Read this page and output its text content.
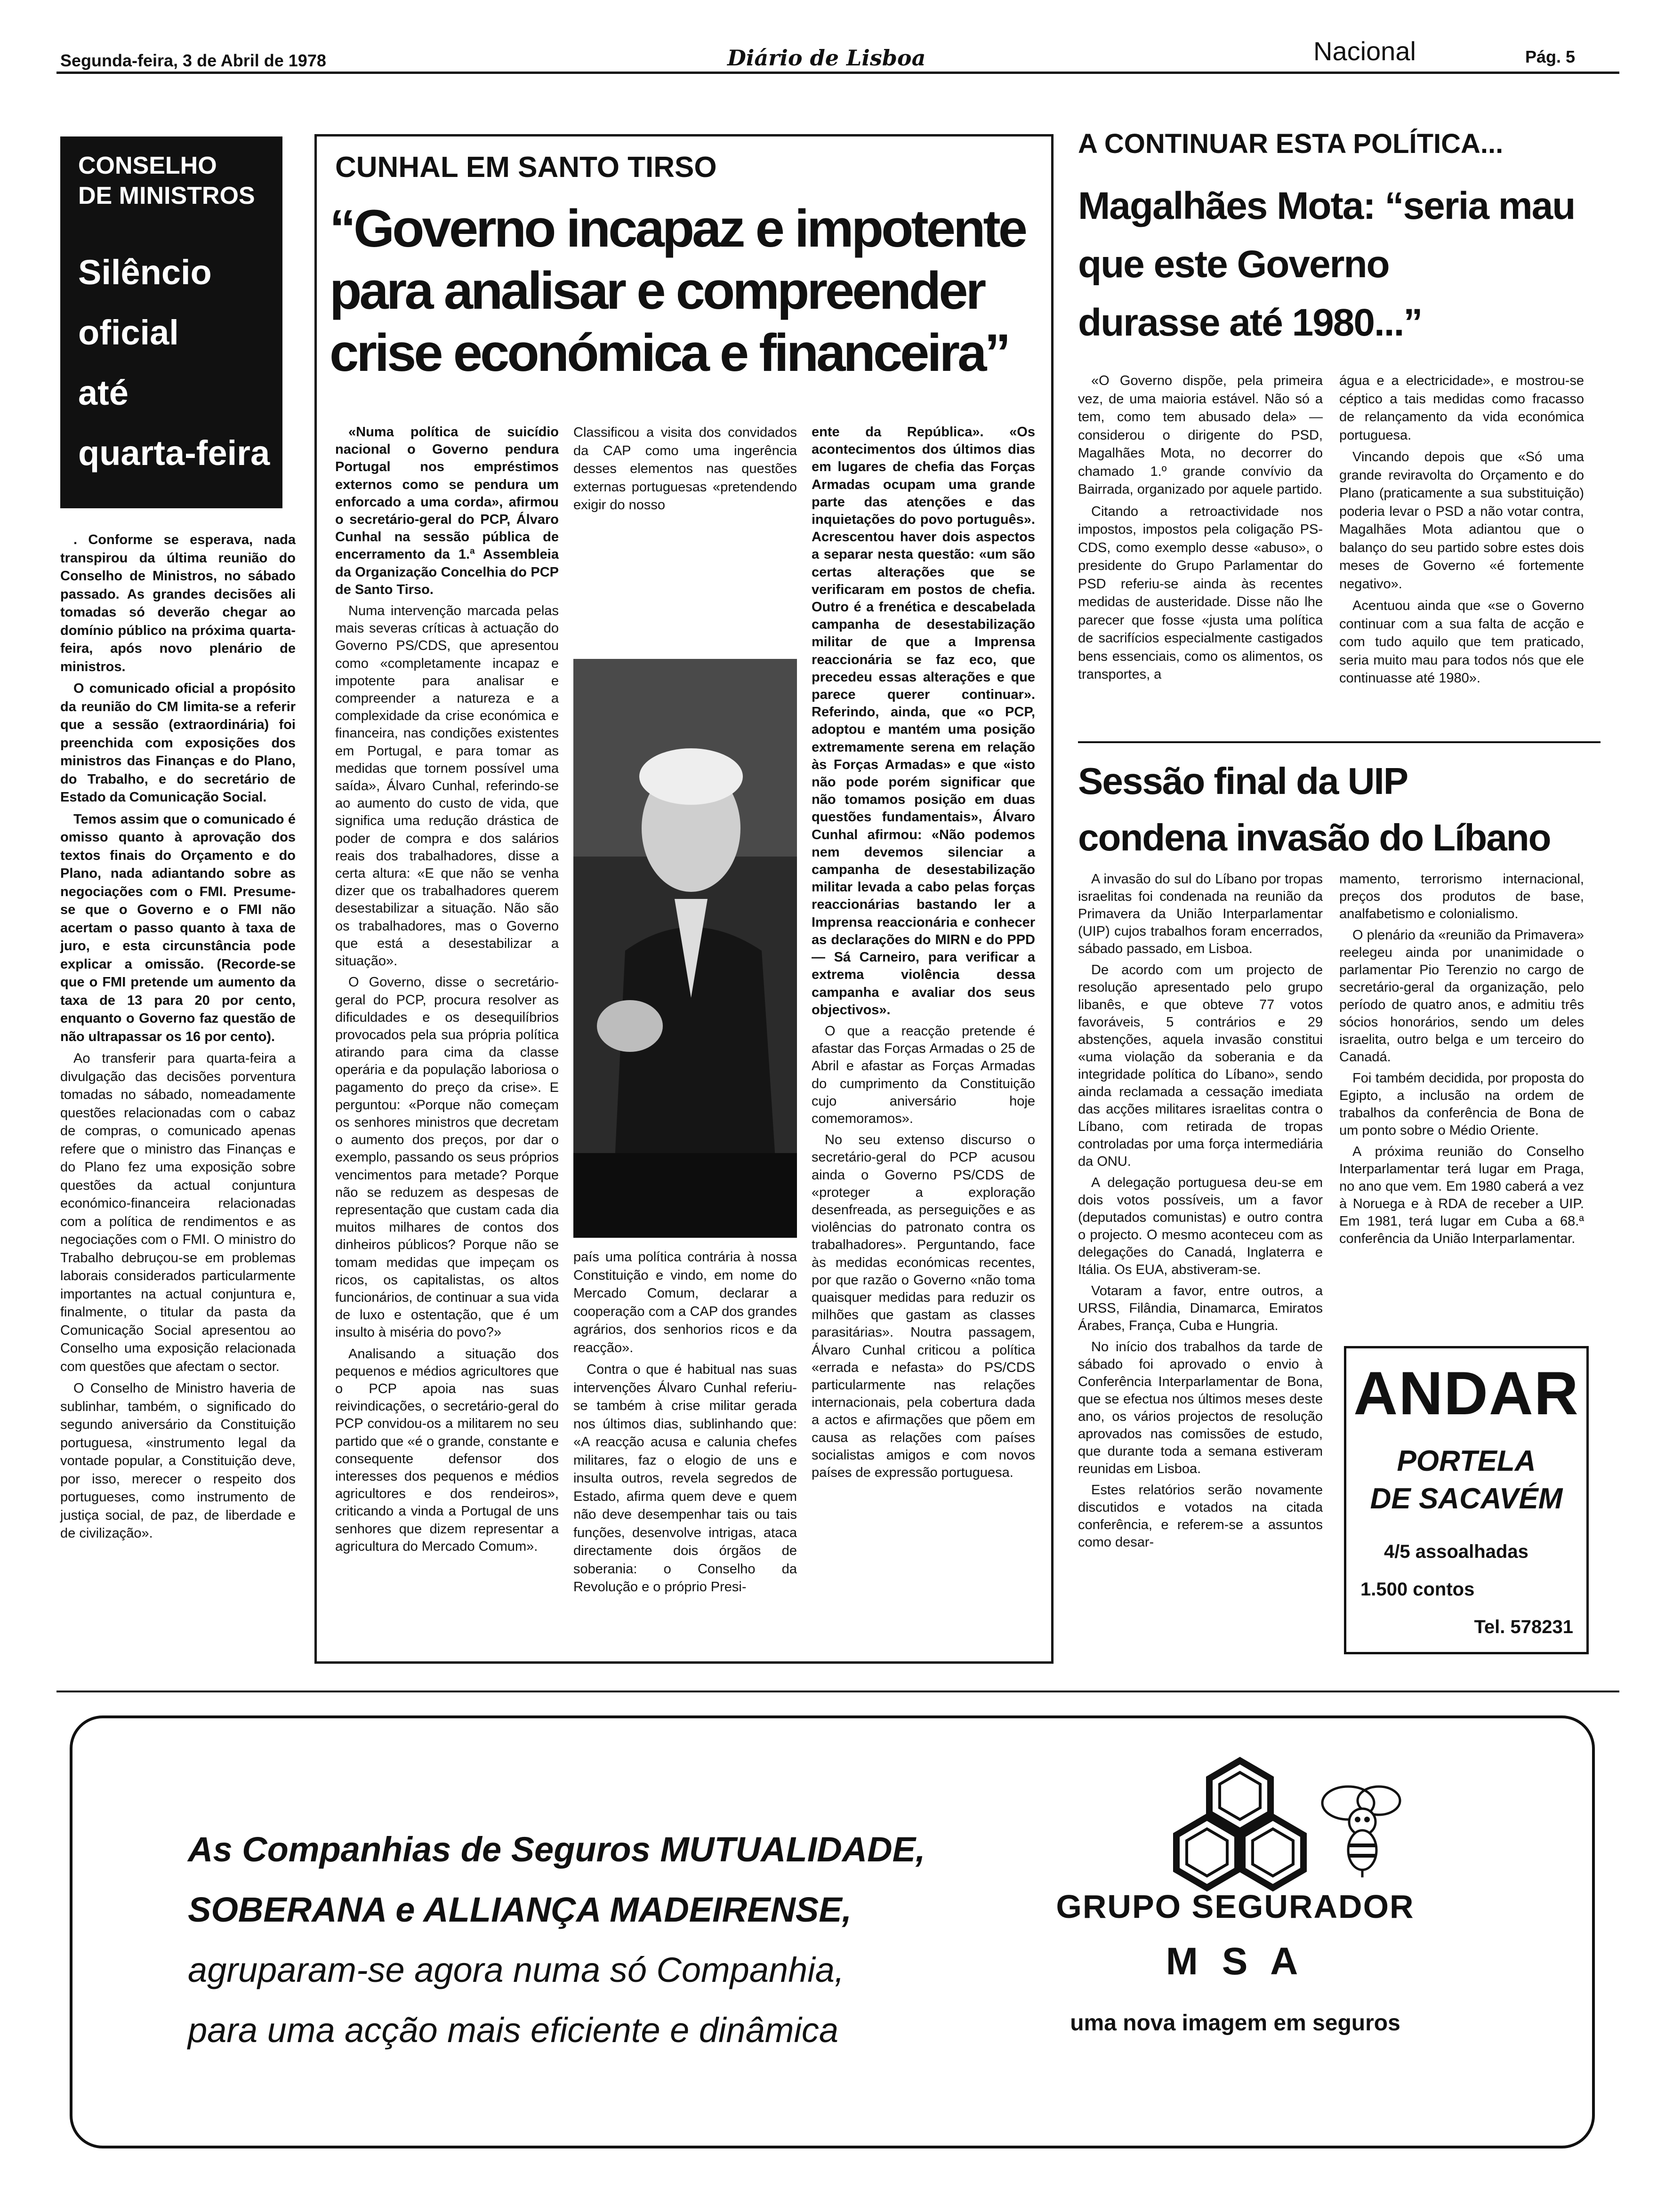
Segunda-feira, 3 de Abril de 1978	Diário de Lisboa	Nacional	Pág. 5
CONSELHO
DE MINISTROS
Silêncio
oficial
até
quarta-feira

. Conforme se esperava, nada transpirou da última reunião do Conselho de Ministros, no sábado passado. As grandes decisões ali tomadas só deverão chegar ao domínio público na próxima quarta-feira, após novo plenário de ministros.

O comunicado oficial a propósito da reunião do CM limita-se a referir que a sessão (extraordinária) foi preenchida com exposições dos ministros das Finanças e do Plano, do Trabalho, e do secretário de Estado da Comunicação Social.

Temos assim que o comunicado é omisso quanto à aprovação dos textos finais do Orçamento e do Plano, nada adiantando sobre as negociações com o FMI. Presume-se que o Governo e o FMI não acertam o passo quanto à taxa de juro, e esta circunstância pode explicar a omissão. (Recorde-se que o FMI pretende um aumento da taxa de 13 para 20 por cento, enquanto o Governo faz questão de não ultrapassar os 16 por cento).

Ao transferir para quarta-feira a divulgação das decisões porventura tomadas no sábado, nomeadamente questões relacionadas com o cabaz de compras, o comunicado apenas refere que o ministro das Finanças e do Plano fez uma exposição sobre questões da actual conjuntura económico-financeira relacionadas com a política de rendimentos e as negociações com o FMI. O ministro do Trabalho debruçou-se em problemas laborais considerados particularmente importantes na actual conjuntura e, finalmente, o titular da pasta da Comunicação Social apresentou ao Conselho uma exposição relacionada com questões que afectam o sector.

O Conselho de Ministro haveria de sublinhar, também, o significado do segundo aniversário da Constituição portuguesa, «instrumento legal da vontade popular, a Constituição deve, por isso, merecer o respeito dos portugueses, como instrumento de justiça social, de paz, de liberdade e de civilização».

CUNHAL EM SANTO TIRSO
“Governo incapaz e impotente
para analisar e compreender
crise económica e financeira”

«Numa política de suicídio nacional o Governo pendura Portugal nos empréstimos externos como se pendura um enforcado a uma corda», afirmou o secretário-geral do PCP, Álvaro Cunhal na sessão pública de encerramento da 1.ª Assembleia da Organização Concelhia do PCP de Santo Tirso.

Numa intervenção marcada pelas mais severas críticas à actuação do Governo PS/CDS, que apresentou como «completamente incapaz e impotente para analisar e compreender a natureza e a complexidade da crise económica e financeira, nas condições existentes em Portugal, e para tomar as medidas que tornem possível uma saída», Álvaro Cunhal, referindo-se ao aumento do custo de vida, que significa uma redução drástica de poder de compra e dos salários reais dos trabalhadores, disse a certa altura: «E que não se venha dizer que os trabalhadores querem desestabilizar a situação. Não são os trabalhadores, mas o Governo que está a desestabilizar a situação».

O Governo, disse o secretário-geral do PCP, procura resolver as dificuldades e os desequilíbrios provocados pela sua própria política atirando para cima da classe operária e da população laboriosa o pagamento do preço da crise». E perguntou: «Porque não começam os senhores ministros que decretam o aumento dos preços, por dar o exemplo, passando os seus próprios vencimentos para metade? Porque não se reduzem as despesas de representação que custam cada dia muitos milhares de contos dos dinheiros públicos? Porque não se tomam medidas que impeçam os ricos, os capitalistas, os altos funcionários, de continuar a sua vida de luxo e ostentação, que é um insulto à miséria do povo?»

Analisando a situação dos pequenos e médios agricultores que o PCP apoia nas suas reivindicações, o secretário-geral do PCP convidou-os a militarem no seu partido que «é o grande, constante e consequente defensor dos interesses dos pequenos e médios agricultores e dos rendeiros», criticando a vinda a Portugal de uns senhores que dizem representar a agricultura do Mercado Comum».

Classificou a visita dos convidados da CAP como uma ingerência desses elementos nas questões externas portuguesas «pretendendo exigir do nosso

país uma política contrária à nossa Constituição e vindo, em nome do Mercado Comum, declarar a cooperação com a CAP dos grandes agrários, dos senhorios ricos e da reacção».

Contra o que é habitual nas suas intervenções Álvaro Cunhal referiu-se também à crise militar gerada nos últimos dias, sublinhando que: «A reacção acusa e calunia chefes militares, faz o elogio de uns e insulta outros, revela segredos de Estado, afirma quem deve e quem não deve desempenhar tais ou tais funções, desenvolve intrigas, ataca directamente dois órgãos de soberania: o Conselho da Revolução e o próprio Presi-

ente da República». «Os acontecimentos dos últimos dias em lugares de chefia das Forças Armadas ocupam uma grande parte das atenções e das inquietações do povo português». Acrescentou haver dois aspectos a separar nesta questão: «um são certas alterações que se verificaram em postos de chefia. Outro é a frenética e descabelada campanha de desestabilização militar de que a Imprensa reaccionária se faz eco, que precedeu essas alterações e que parece querer continuar». Referindo, ainda, que «o PCP, adoptou e mantém uma posição extremamente serena em relação às Forças Armadas» e que «isto não pode porém significar que não tomamos posição em duas questões fundamentais», Álvaro Cunhal afirmou: «Não podemos nem devemos silenciar a campanha de desestabilização militar levada a cabo pelas forças reaccionárias bastando ler a Imprensa reaccionária e conhecer as declarações do MIRN e do PPD — Sá Carneiro, para verificar a extrema violência dessa campanha e avaliar dos seus objectivos».

O que a reacção pretende é afastar das Forças Armadas o 25 de Abril e afastar as Forças Armadas do cumprimento da Constituição cujo aniversário hoje comemoramos».

No seu extenso discurso o secretário-geral do PCP acusou ainda o Governo PS/CDS de «proteger a exploração desenfreada, as perseguições e as violências do patronato contra os trabalhadores». Perguntando, face às medidas económicas recentes, por que razão o Governo «não toma quaisquer medidas para reduzir os milhões que gastam as classes parasitárias». Noutra passagem, Álvaro Cunhal criticou a política «errada e nefasta» do PS/CDS particularmente nas relações internacionais, pela cobertura dada a actos e afirmações que põem em causa as relações com países socialistas amigos e com novos países de expressão portuguesa.

A CONTINUAR ESTA POLÍTICA...
Magalhães Mota: “seria mau
que este Governo
durasse até 1980...”

«O Governo dispõe, pela primeira vez, de uma maioria estável. Não só a tem, como tem abusado dela» — considerou o dirigente do PSD, Magalhães Mota, no decorrer do chamado 1.º grande convívio da Bairrada, organizado por aquele partido.

Citando a retroactividade nos impostos, impostos pela coligação PS-CDS, como exemplo desse «abuso», o presidente do Grupo Parlamentar do PSD referiu-se ainda às recentes medidas de austeridade. Disse não lhe parecer que fosse «justa uma política de sacrifícios especialmente castigados bens essenciais, como os alimentos, os transportes, a

água e a electricidade», e mostrou-se céptico a tais medidas como fracasso de relançamento da vida económica portuguesa.

Vincando depois que «Só uma grande reviravolta do Orçamento e do Plano (praticamente a sua substituição) poderia levar o PSD a não votar contra, Magalhães Mota adiantou que o balanço do seu partido sobre estes dois meses de Governo «é fortemente negativo».

Acentuou ainda que «se o Governo continuar com a sua falta de acção e com tudo aquilo que tem praticado, seria muito mau para todos nós que ele continuasse até 1980».

Sessão final da UIP
condena invasão do Líbano

A invasão do sul do Líbano por tropas israelitas foi condenada na reunião da Primavera da União Interparlamentar (UIP) cujos trabalhos foram encerrados, sábado passado, em Lisboa.

De acordo com um projecto de resolução apresentado pelo grupo libanês, e que obteve 77 votos favoráveis, 5 contrários e 29 abstenções, aquela invasão constitui «uma violação da soberania e da integridade política do Líbano», sendo ainda reclamada a cessação imediata das acções militares israelitas contra o Líbano, com retirada de tropas controladas por uma força intermediária da ONU.

A delegação portuguesa deu-se em dois votos possíveis, um a favor (deputados comunistas) e outro contra o projecto. O mesmo aconteceu com as delegações do Canadá, Inglaterra e Itália. Os EUA, abstiveram-se.

Votaram a favor, entre outros, a URSS, Filândia, Dinamarca, Emiratos Árabes, França, Cuba e Hungria.

No início dos trabalhos da tarde de sábado foi aprovado o envio à Conferência Interparlamentar de Bona, que se efectua nos últimos meses deste ano, os vários projectos de resolução aprovados nas comissões de estudo, que durante toda a semana estiveram reunidas em Lisboa.

Estes relatórios serão novamente discutidos e votados na citada conferência, e referem-se a assuntos como desar-

mamento, terrorismo internacional, preços dos produtos de base, analfabetismo e colonialismo.

O plenário da «reunião da Primavera» reelegeu ainda por unanimidade o parlamentar Pio Terenzio no cargo de secretário-geral da organização, pelo período de quatro anos, e admitiu três sócios honorários, sendo um deles israelita, outro belga e um terceiro do Canadá.

Foi também decidida, por proposta do Egipto, a inclusão na ordem de trabalhos da conferência de Bona de um ponto sobre o Médio Oriente.

A próxima reunião do Conselho Interparlamentar terá lugar em Praga, no ano que vem. Em 1980 caberá a vez à Noruega e à RDA de receber a UIP. Em 1981, terá lugar em Cuba a 68.ª conferência da União Interparlamentar.

ANDAR
PORTELA
DE SACAVÉM
4/5 assoalhadas
1.500 contos
Tel. 578231
As Companhias de Seguros MUTUALIDADE,
SOBERANA e ALLIANÇA MADEIRENSE,
agruparam-se agora numa só Companhia,
para uma acção mais eficiente e dinâmica
GRUPO SEGURADOR
M S A
uma nova imagem em seguros
